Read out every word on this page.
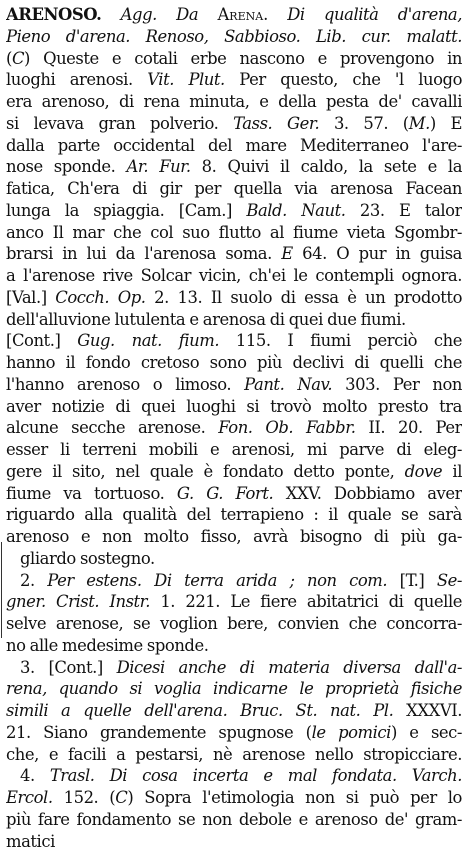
ARENOSO. Agg. Da Arena. Di qualità d'arena,
Pieno d'arena. Renoso, Sabbioso. Lib. cur. malatt.
(C) Queste e cotali erbe nascono e provengono in
luoghi arenosi. Vit. Plut. Per questo, che 'l luogo
era arenoso, di rena minuta, e della pesta de' cavalli
si levava gran polverio. Tass. Ger. 3. 57. (M.) E
dalla parte occidental del mare Mediterraneo l'are-
nose sponde. Ar. Fur. 8. Quivi il caldo, la sete e la
fatica, Ch'era di gir per quella via arenosa Facean
lunga la spiaggia. [Cam.] Bald. Naut. 23. E talor
anco Il mar che col suo flutto al fiume vieta Sgombr-
brarsi in lui da l'arenosa soma. E 64. O pur in guisa
a l'arenose rive Solcar vicin, ch'ei le contempli ognora.
[Val.] Cocch. Op. 2. 13. Il suolo di essa è un prodotto
dell'alluvione lutulenta e arenosa di quei due fiumi.
[Cont.] Gug. nat. fium. 115. I fiumi perciò che
hanno il fondo cretoso sono più declivi di quelli che
l'hanno arenoso o limoso. Pant. Nav. 303. Per non
aver notizie di quei luoghi si trovò molto presto tra
alcune secche arenose. Fon. Ob. Fabbr. II. 20. Per
esser li terreni mobili e arenosi, mi parve di eleg-
gere il sito, nel quale è fondato detto ponte, dove il
fiume va tortuoso. G. G. Fort. XXV. Dobbiamo aver
riguardo alla qualità del terrapieno : il quale se sarà
arenoso e non molto fisso, avrà bisogno di più ga-
gliardo sostegno.
2. Per estens. Di terra arida ; non com. [T.] Se-
gner. Crist. Instr. 1. 221. Le fiere abitatrici di quelle
selve arenose, se voglion bere, convien che concorra-
no alle medesime sponde.
3. [Cont.] Dicesi anche di materia diversa dall'a-
rena, quando si voglia indicarne le proprietà fisiche
simili a quelle dell'arena. Bruc. St. nat. Pl. XXXVI.
21. Siano grandemente spugnose (le pomici) e sec-
che, e facili a pestarsi, nè arenose nello stropicciare.
4. Trasl. Di cosa incerta e mal fondata. Varch.
Ercol. 152. (C) Sopra l'etimologia non si può per lo
più fare fondamento se non debole e arenoso de' gram-
matici
